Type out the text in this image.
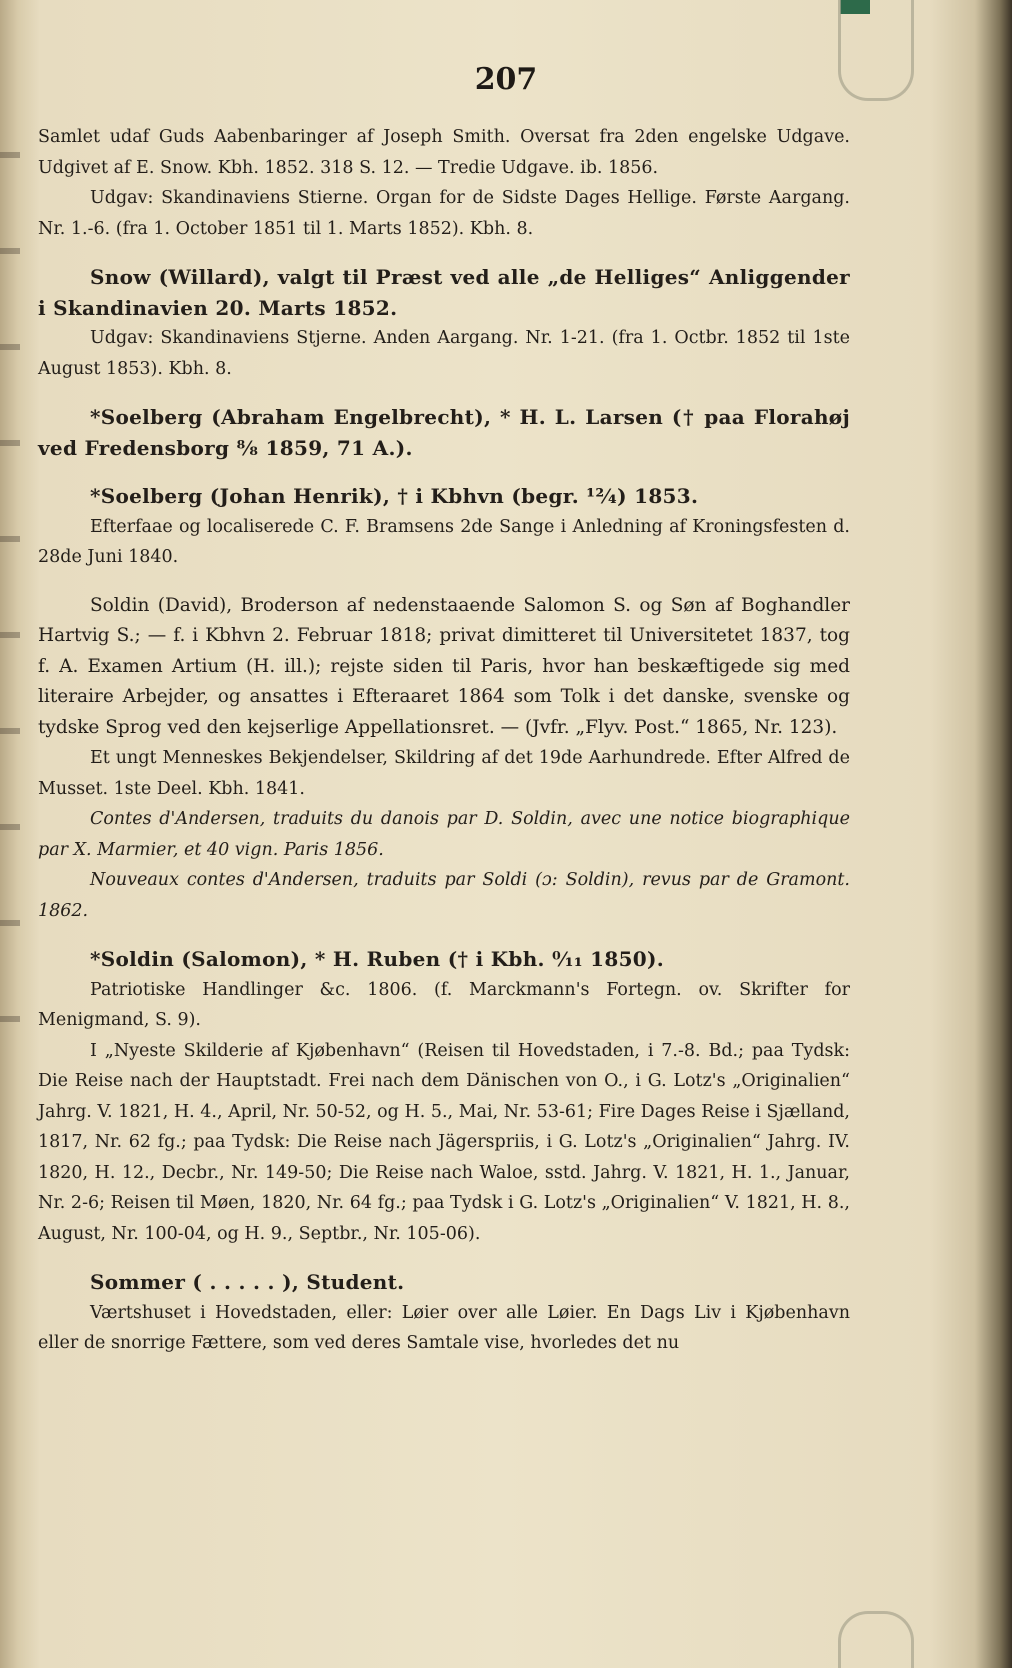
207

Samlet udaf Guds Aabenbaringer af Joseph Smith. Oversat fra 2den engelske Udgave. Udgivet af E. Snow. Kbh. 1852. 318 S. 12. — Tredie Udgave. ib. 1856.

Udgav: Skandinaviens Stierne. Organ for de Sidste Dages Hellige. Første Aargang. Nr. 1.-6. (fra 1. October 1851 til 1. Marts 1852). Kbh. 8.

Snow (Willard), valgt til Præst ved alle „de Helliges“ Anliggender i Skandinavien 20. Marts 1852.

Udgav: Skandinaviens Stjerne. Anden Aargang. Nr. 1-21. (fra 1. Octbr. 1852 til 1ste August 1853). Kbh. 8.

*Soelberg (Abraham Engelbrecht), * H. L. Larsen († paa Florahøj ved Fredensborg ⁸⁄₈ 1859, 71 A.).

*Soelberg (Johan Henrik), † i Kbhvn (begr. ¹²⁄₄) 1853.

Efterfaae og localiserede C. F. Bramsens 2de Sange i Anledning af Kroningsfesten d. 28de Juni 1840.

Soldin (David), Broderson af nedenstaaende Salomon S. og Søn af Boghandler Hartvig S.; — f. i Kbhvn 2. Februar 1818; privat dimitteret til Universitetet 1837, tog f. A. Examen Artium (H. ill.); rejste siden til Paris, hvor han beskæftigede sig med literaire Arbejder, og ansattes i Efteraaret 1864 som Tolk i det danske, svenske og tydske Sprog ved den kejserlige Appellationsret. — (Jvfr. „Flyv. Post.“ 1865, Nr. 123).

Et ungt Menneskes Bekjendelser, Skildring af det 19de Aarhundrede. Efter Alfred de Musset. 1ste Deel. Kbh. 1841.

Contes d'Andersen, traduits du danois par D. Soldin, avec une notice biographique par X. Marmier, et 40 vign. Paris 1856.

Nouveaux contes d'Andersen, traduits par Soldi (ɔ: Soldin), revus par de Gramont. 1862.

*Soldin (Salomon), * H. Ruben († i Kbh. ⁰⁄₁₁ 1850).

Patriotiske Handlinger &c. 1806. (f. Marckmann's Fortegn. ov. Skrifter for Menigmand, S. 9).

I „Nyeste Skilderie af Kjøbenhavn“ (Reisen til Hovedstaden, i 7.-8. Bd.; paa Tydsk: Die Reise nach der Hauptstadt. Frei nach dem Dänischen von O., i G. Lotz's „Originalien“ Jahrg. V. 1821, H. 4., April, Nr. 50-52, og H. 5., Mai, Nr. 53-61; Fire Dages Reise i Sjælland, 1817, Nr. 62 fg.; paa Tydsk: Die Reise nach Jägerspriis, i G. Lotz's „Originalien“ Jahrg. IV. 1820, H. 12., Decbr., Nr. 149-50; Die Reise nach Waloe, sstd. Jahrg. V. 1821, H. 1., Januar, Nr. 2-6; Reisen til Møen, 1820, Nr. 64 fg.; paa Tydsk i G. Lotz's „Originalien“ V. 1821, H. 8., August, Nr. 100-04, og H. 9., Septbr., Nr. 105-06).

Sommer ( . . . . . ), Student.

Værtshuset i Hovedstaden, eller: Løier over alle Løier. En Dags Liv i Kjøbenhavn eller de snorrige Fættere, som ved deres Samtale vise, hvorledes det nu
